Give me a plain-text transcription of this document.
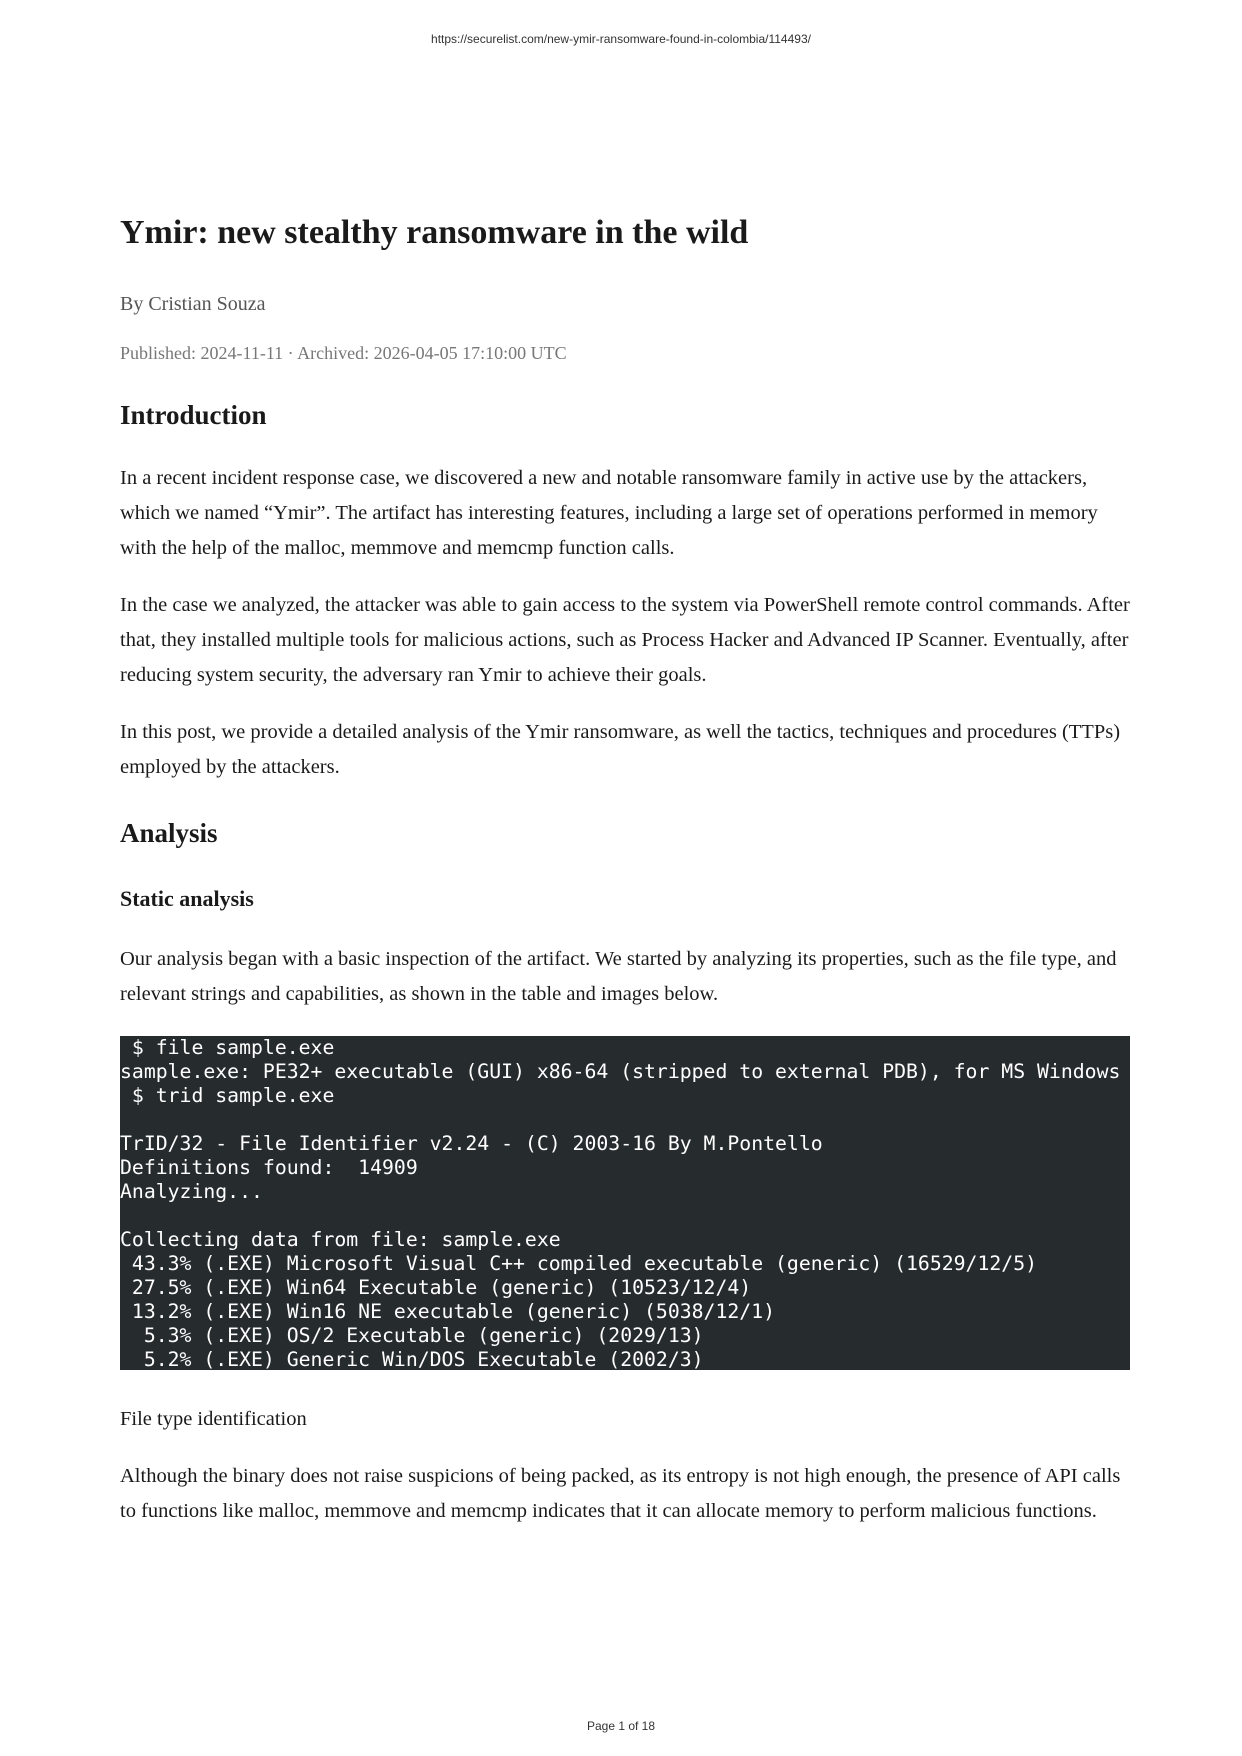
https://securelist.com/new-ymir-ransomware-found-in-colombia/114493/
Ymir: new stealthy ransomware in the wild
By Cristian Souza
Published: 2024-11-11 · Archived: 2026-04-05 17:10:00 UTC
Introduction

In a recent incident response case, we discovered a new and notable ransomware family in active use by the attackers, which we named “Ymir”. The artifact has interesting features, including a large set of operations performed in memory with the help of the malloc, memmove and memcmp function calls.

In the case we analyzed, the attacker was able to gain access to the system via PowerShell remote control commands. After that, they installed multiple tools for malicious actions, such as Process Hacker and Advanced IP Scanner. Eventually, after reducing system security, the adversary ran Ymir to achieve their goals.

In this post, we provide a detailed analysis of the Ymir ransomware, as well the tactics, techniques and procedures (TTPs) employed by the attackers.

Analysis
Static analysis

Our analysis began with a basic inspection of the artifact. We started by analyzing its properties, such as the file type, and relevant strings and capabilities, as shown in the table and images below.

$ file sample.exe
sample.exe: PE32+ executable (GUI) x86-64 (stripped to external PDB), for MS Windows
$ trid sample.exe
TrID/32 - File Identifier v2.24 - (C) 2003-16 By M.Pontello
Definitions found:  14909
Analyzing...
Collecting data from file: sample.exe
43.3% (.EXE) Microsoft Visual C++ compiled executable (generic) (16529/12/5)
27.5% (.EXE) Win64 Executable (generic) (10523/12/4)
13.2% (.EXE) Win16 NE executable (generic) (5038/12/1)
5.3% (.EXE) OS/2 Executable (generic) (2029/13)
5.2% (.EXE) Generic Win/DOS Executable (2002/3)
File type identification

Although the binary does not raise suspicions of being packed, as its entropy is not high enough, the presence of API calls to functions like malloc, memmove and memcmp indicates that it can allocate memory to perform malicious functions.

Page 1 of 18
